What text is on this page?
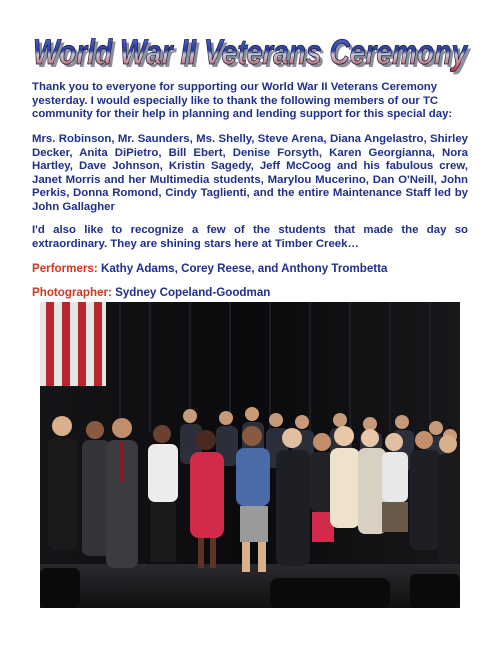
World War II Veterans Ceremony
World War II Veterans Ceremony

Thank you to everyone for supporting our World War II Veterans Ceremony yesterday. I would especially like to thank the following members of our TC community for their help in planning and lending support for this special day:

Mrs. Robinson, Mr. Saunders, Ms. Shelly, Steve Arena, Diana Angelastro, Shirley Decker, Anita DiPietro, Bill Ebert, Denise Forsyth, Karen Georgianna, Nora Hartley, Dave Johnson, Kristin Sagedy, Jeff McCoog and his fabulous crew, Janet Morris and her Multimedia students, Marylou Mucerino, Dan O'Neill, John Perkis, Donna Romond, Cindy Taglienti, and the entire Maintenance Staff led by John Gallagher

I'd also like to recognize a few of the students that made the day so extraordinary. They are shining stars here at Timber Creek…

Performers: Kathy Adams, Corey Reese, and Anthony Trombetta

Photographer: Sydney Copeland-Goodman
